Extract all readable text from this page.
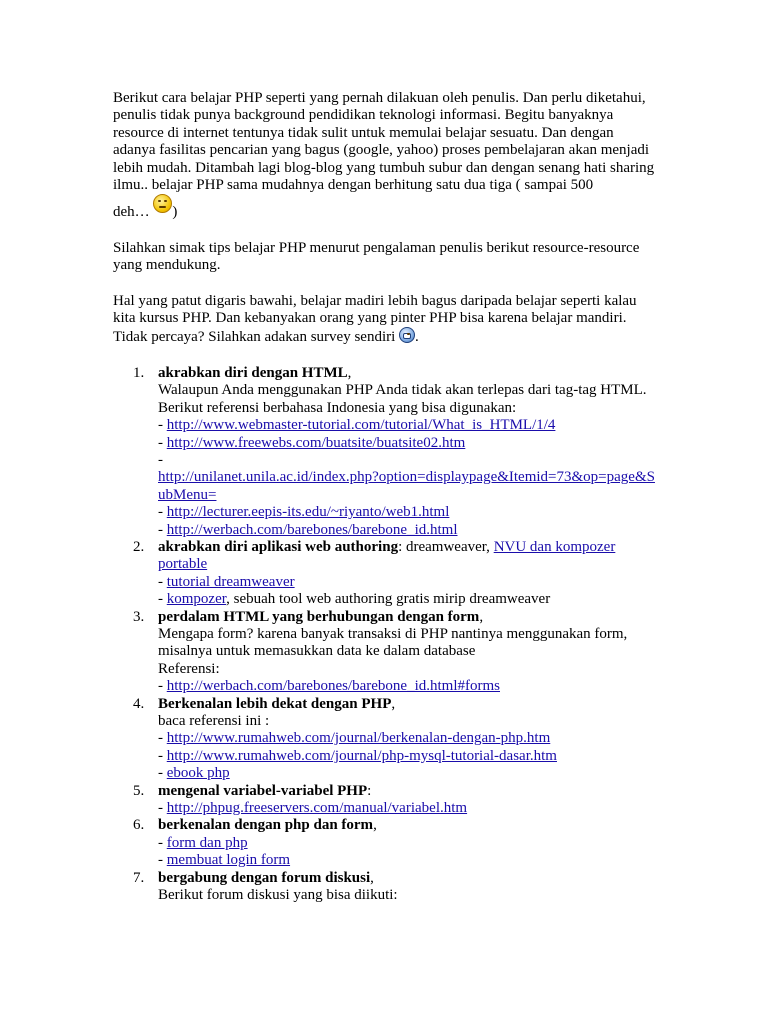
Berikut cara belajar PHP seperti yang pernah dilakuan oleh penulis. Dan perlu diketahui, penulis tidak punya background pendidikan teknologi informasi. Begitu banyaknya resource di internet tentunya tidak sulit untuk memulai belajar sesuatu. Dan dengan adanya fasilitas pencarian yang bagus (google, yahoo) proses pembelajaran akan menjadi lebih mudah. Ditambah lagi blog-blog yang tumbuh subur dan dengan senang hati sharing ilmu.. belajar PHP sama mudahnya dengan berhitung satu dua tiga ( sampai 500
deh… )

Silahkan simak tips belajar PHP menurut pengalaman penulis berikut resource-resource yang mendukung.

Hal yang patut digaris bawahi, belajar madiri lebih bagus daripada belajar seperti kalau kita kursus PHP. Dan kebanyakan orang yang pinter PHP bisa karena belajar mandiri. Tidak percaya? Silahkan adakan survey sendiri .

1. akrabkan diri dengan HTML,
Walaupun Anda menggunakan PHP Anda tidak akan terlepas dari tag-tag HTML.
Berikut referensi berbahasa Indonesia yang bisa digunakan:
- http://www.webmaster-tutorial.com/tutorial/What_is_HTML/1/4
- http://www.freewebs.com/buatsite/buatsite02.htm
-
http://unilanet.unila.ac.id/index.php?option=displaypage&Itemid=73&op=page&SubMenu=
- http://lecturer.eepis-its.edu/~riyanto/web1.html
- http://werbach.com/barebones/barebone_id.html
2. akrabkan diri aplikasi web authoring: dreamweaver, NVU dan kompozer portable
- tutorial dreamweaver
- kompozer, sebuah tool web authoring gratis mirip dreamweaver
3. perdalam HTML yang berhubungan dengan form,
Mengapa form? karena banyak transaksi di PHP nantinya menggunakan form, misalnya untuk memasukkan data ke dalam database
Referensi:
- http://werbach.com/barebones/barebone_id.html#forms
4. Berkenalan lebih dekat dengan PHP,
baca referensi ini :
- http://www.rumahweb.com/journal/berkenalan-dengan-php.htm
- http://www.rumahweb.com/journal/php-mysql-tutorial-dasar.htm
- ebook php
5. mengenal variabel-variabel PHP:
- http://phpug.freeservers.com/manual/variabel.htm
6. berkenalan dengan php dan form,
- form dan php
- membuat login form
7. bergabung dengan forum diskusi,
Berikut forum diskusi yang bisa diikuti:
